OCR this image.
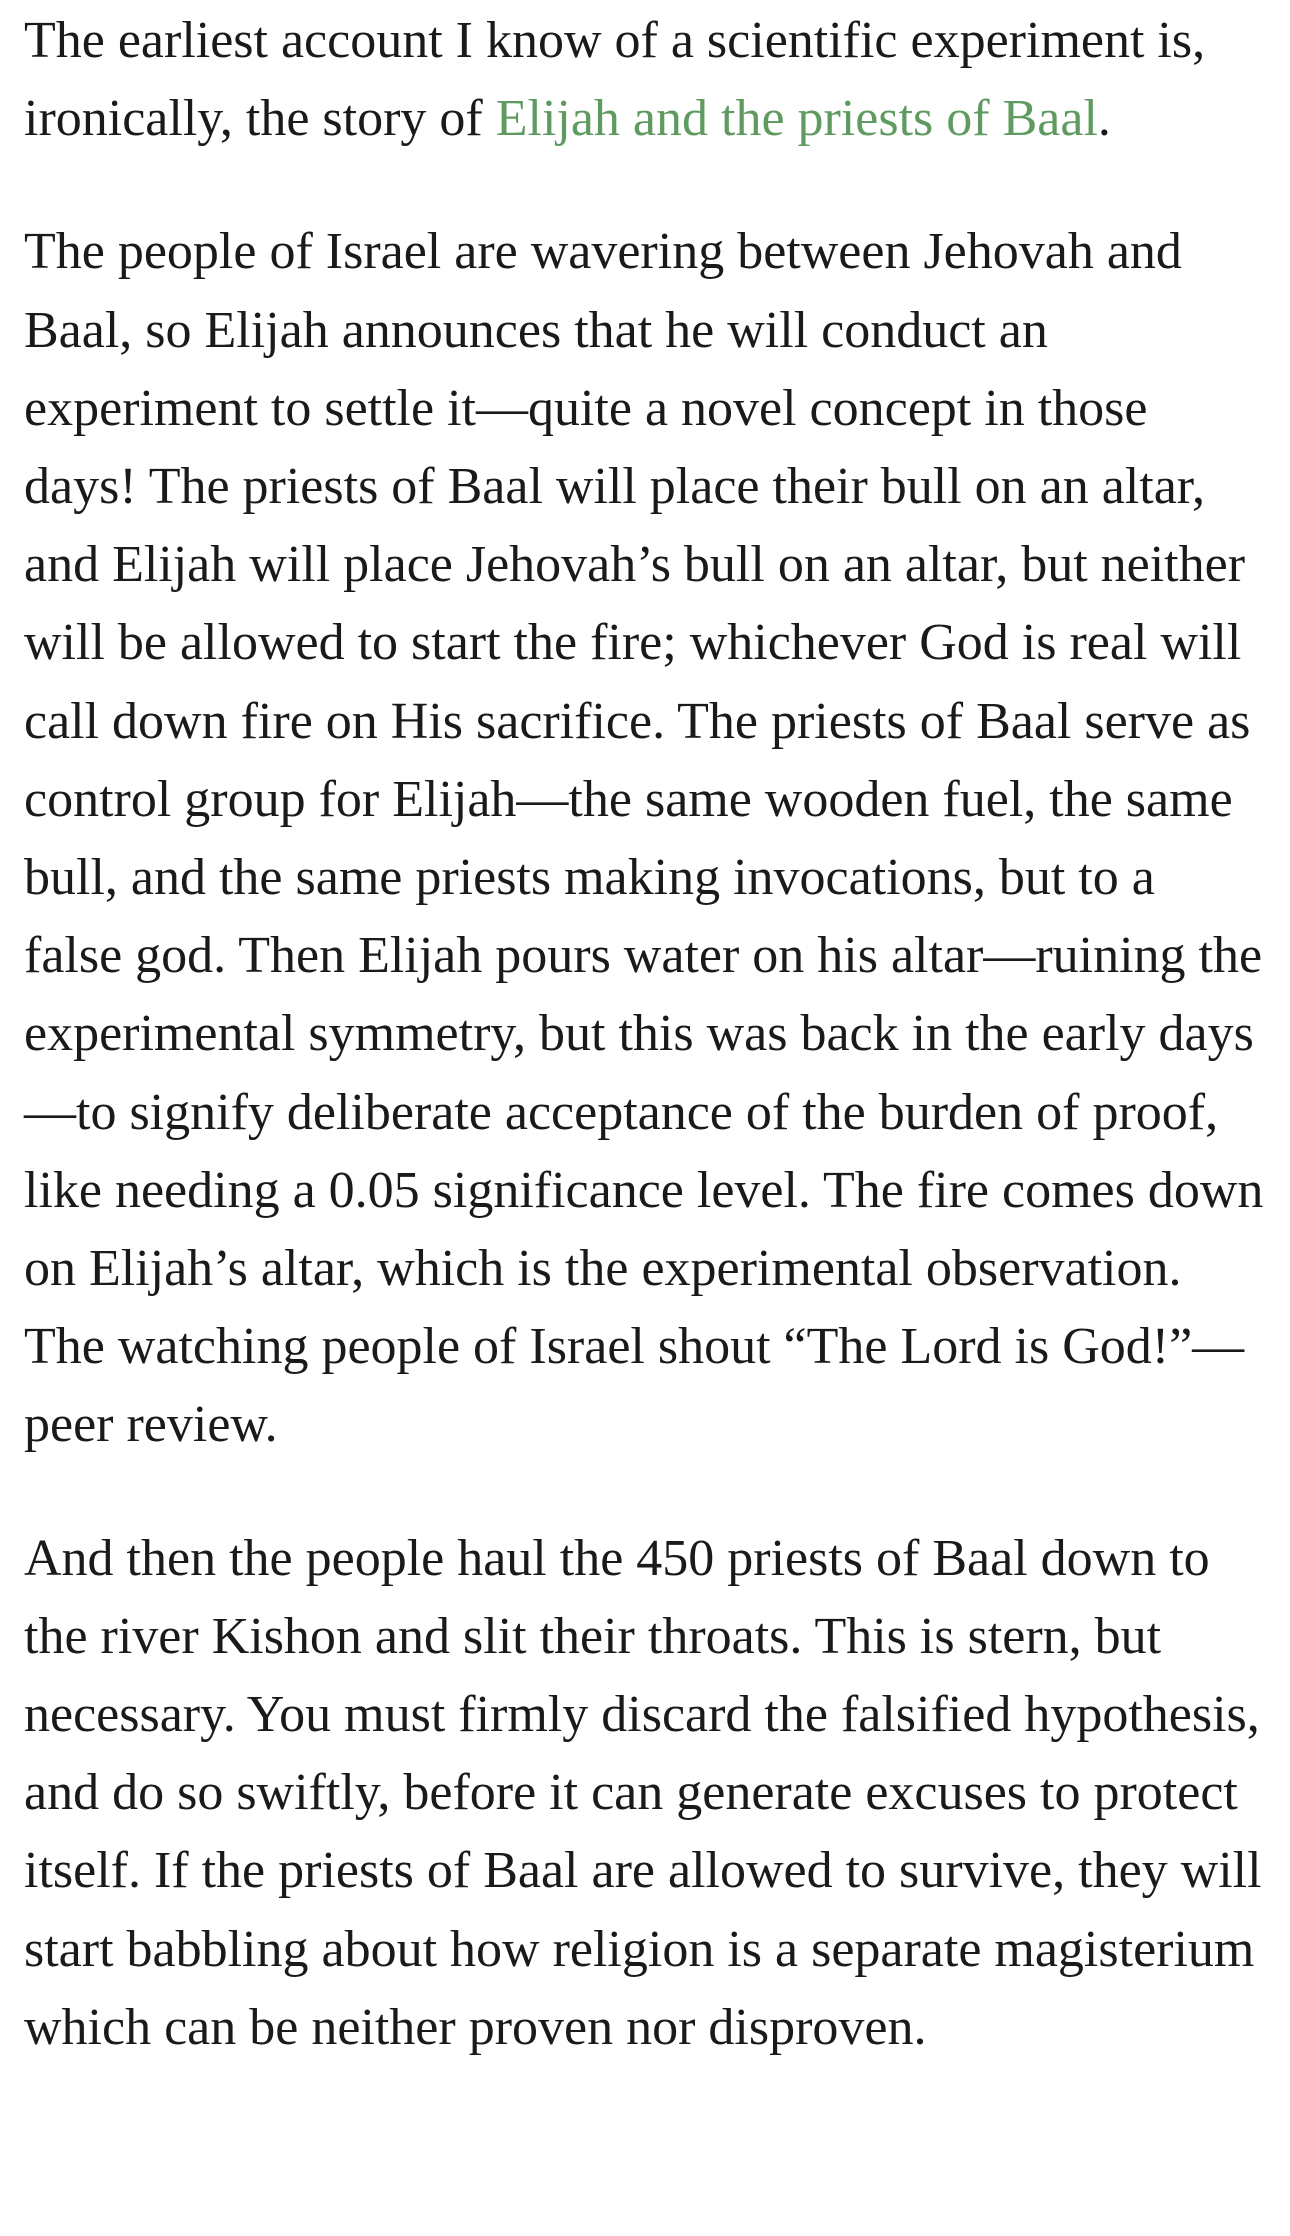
The earliest account I know of a scientific experiment is, ironically, the story of Elijah and the priests of Baal.

The people of Israel are wavering between Jehovah and Baal, so Elijah announces that he will conduct an experiment to settle it—quite a novel concept in those days! The priests of Baal will place their bull on an altar, and Elijah will place Jehovah’s bull on an altar, but neither will be allowed to start the fire; whichever God is real will call down fire on His sacrifice. The priests of Baal serve as control group for Elijah—the same wooden fuel, the same bull, and the same priests making invocations, but to a false god. Then Elijah pours water on his altar—ruining the experimental symmetry, but this was back in the early days—to signify deliberate acceptance of the burden of proof, like needing a 0.05 significance level. The fire comes down on Elijah’s altar, which is the experimental observation. The watching people of Israel shout “The Lord is God!”—peer review.

And then the people haul the 450 priests of Baal down to the river Kishon and slit their throats. This is stern, but necessary. You must firmly discard the falsified hypothesis, and do so swiftly, before it can generate excuses to protect itself. If the priests of Baal are allowed to survive, they will start babbling about how religion is a separate magisterium which can be neither proven nor disproven.
